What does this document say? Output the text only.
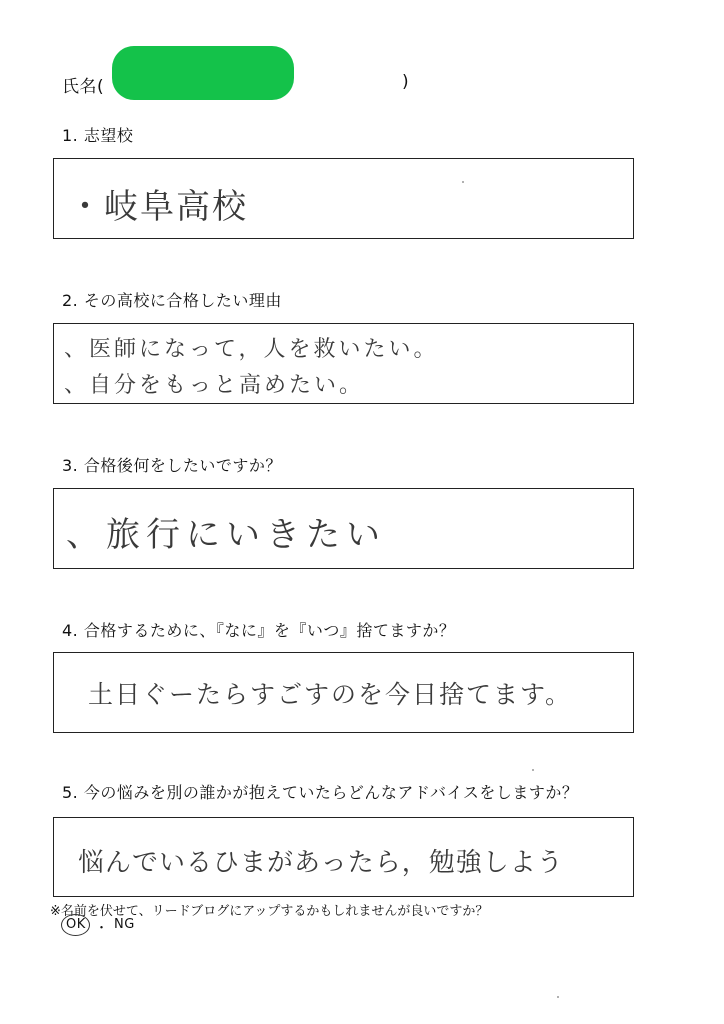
氏名(	)
1. 志望校
・岐阜高校
2. その高校に合格したい理由
、医師になって，人を救いたい。
、自分をもっと高めたい。
3. 合格後何をしたいですか？
、旅行にいきたい
4. 合格するために、『なに』を『いつ』捨てますか？
土日ぐーたらすごすのを今日捨てます。
5. 今の悩みを別の誰かが抱えていたらどんなアドバイスをしますか？
悩んでいるひまがあったら，勉強しよう
※名前を伏せて、リードブログにアップするかもしれませんが良いですか？
OK ・ NG
